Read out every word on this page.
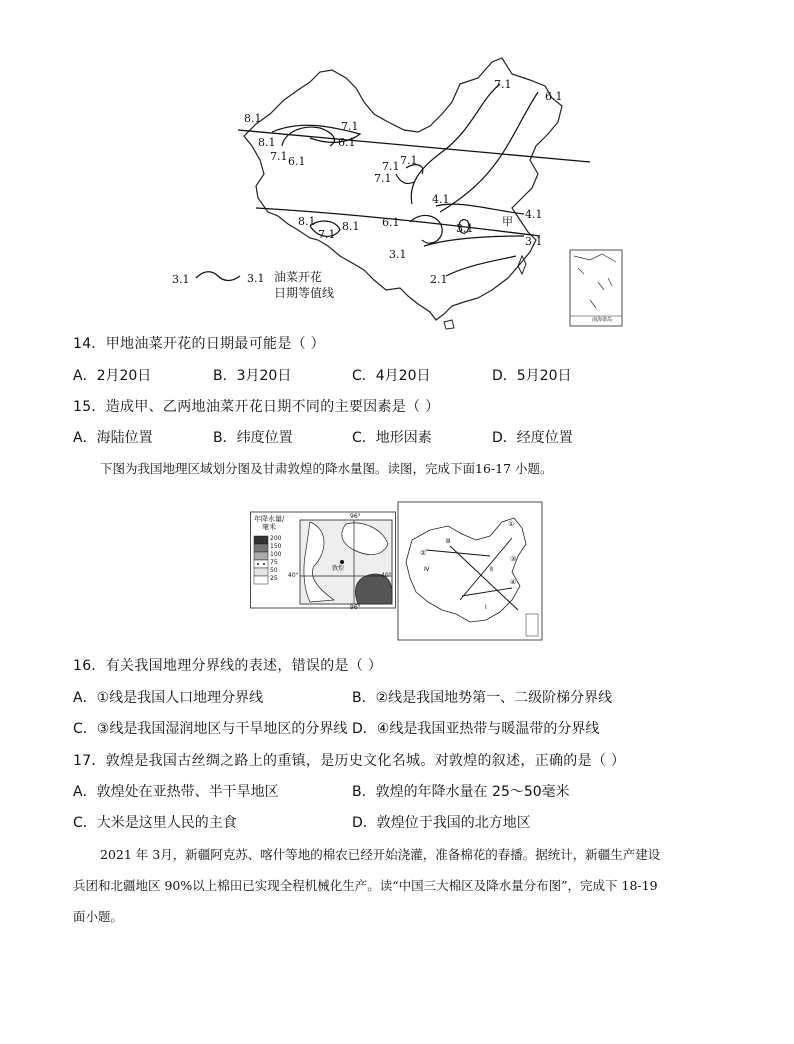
7.1
6.1
8.1
7.1
6.1
8.1
7.1 6.1	7.1
7.1
7.1
4.1
8.1 8.1
7.1
6.1	3.1
3.1
4.1
3.1
2.1
甲
3.1	3.1 油菜开花
日期等值线
南海诸岛
14．甲地油菜开花的日期最可能是（ ）
A．2月20日	B．3月20日	C．4月20日	D．5月20日
15．造成甲、乙两地油菜开花日期不同的主要因素是（ ）
A．海陆位置	B．纬度位置	C．地形因素	D．经度位置
下图为我国地理区域划分图及甘肃敦煌的降水量图。读图，完成下面16-17 小题。
年降水量/
毫米
200
150
100
75
50
25
96°
96°
40°	40°
敦煌
Ⅲ
Ⅳ	Ⅱ
Ⅰ
①
②
③
④
16．有关我国地理分界线的表述，错误的是（ ）
A．①线是我国人口地理分界线	B．②线是我国地势第一、二级阶梯分界线
C．③线是我国湿润地区与干旱地区的分界线 D．④线是我国亚热带与暖温带的分界线
17．敦煌是我国古丝绸之路上的重镇，是历史文化名城。对敦煌的叙述，正确的是（ ）
A．敦煌处在亚热带、半干旱地区	B．敦煌的年降水量在 25～50毫米
C．大米是这里人民的主食	D．敦煌位于我国的北方地区
2021 年 3月，新疆阿克苏、喀什等地的棉农已经开始浇灌，准备棉花的春播。据统计，新疆生产建设
兵团和北疆地区 90%以上棉田已实现全程机械化生产。读“中国三大棉区及降水量分布图”，完成下 18-19
面小题。
